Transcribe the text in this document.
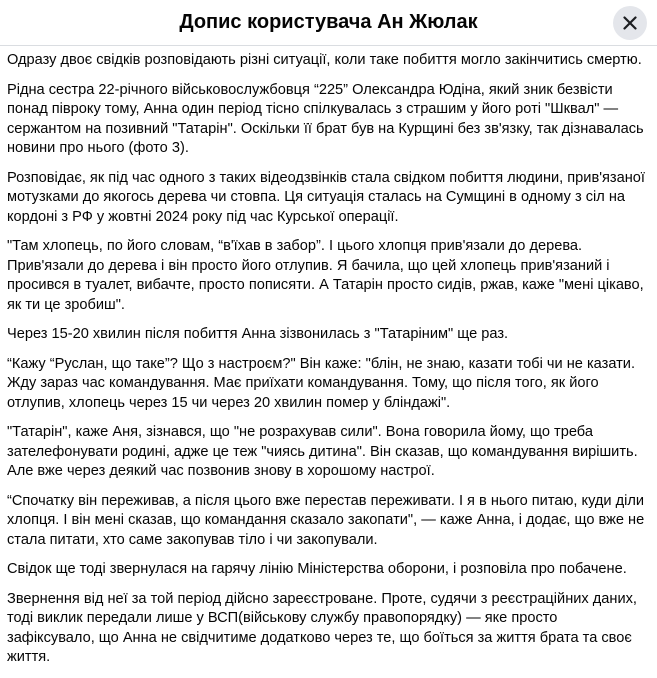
Допис користувача Ан Жюлак

Одразу двоє свідків розповідають різні ситуації, коли таке побиття могло закінчитись смертю.

Рідна сестра 22-річного військовослужбовця “225” Олександра Юдіна, який зник безвісти понад півроку тому, Анна один період тісно спілкувалась з страшим у його роті "Шквал" — сержантом на позивний "Татарін". Оскільки її брат був на Курщині без зв'язку, так дізнавалась новини про нього (фото 3).

Розповідає, як під час одного з таких відеодзвінків стала свідком побиття людини, прив'язаної мотузками до якогось дерева чи стовпа. Ця ситуація сталась на Сумщині в одному з сіл на кордоні з РФ у жовтні 2024 року під час Курської операції.

"Там хлопець, по його словам, “в'їхав в забор”. І цього хлопця прив'язали до дерева. Прив'язали до дерева і він просто його отлупив. Я бачила, що цей хлопець прив'язаний і просився в туалет, вибачте, просто пописяти. А Татарін просто сидів, ржав, каже "мені цікаво, як ти це зробиш".

Через 15-20 хвилин після побиття Анна зізвонилась з "Татаріним" ще раз.

“Кажу “Руслан, що таке”? Що з настроєм?" Він каже: "блін, не знаю, казати тобі чи не казати. Жду зараз час командування. Має приїхати командування. Тому, що після того, як його отлупив, хлопець через 15 чи через 20 хвилин помер у бліндажі".

"Татарін", каже Аня, зізнався, що "не розрахував сили". Вона говорила йому, що треба зателефонувати родині, адже це теж "чиясь дитина". Він сказав, що командування вирішить. Але вже через деякий час позвонив знову в хорошому настрої.

“Спочатку він переживав, а після цього вже перестав переживати. І я в нього питаю, куди діли хлопця. І він мені сказав, що командання сказало закопати", — каже Анна, і додає, що вже не стала питати, хто саме закопував тіло і чи закопували.

Свідок ще тоді звернулася на гарячу лінію Міністерства оборони, і розповіла про побачене.

Звернення від неї за той період дійсно зареєстроване. Проте, судячи з реєстраційних даних, тоді виклик передали лише у ВСП(військову службу правопорядку) — яке просто зафіксувало, що Анна не свідчитиме додатково через те, що боїться за життя брата та своє життя.
